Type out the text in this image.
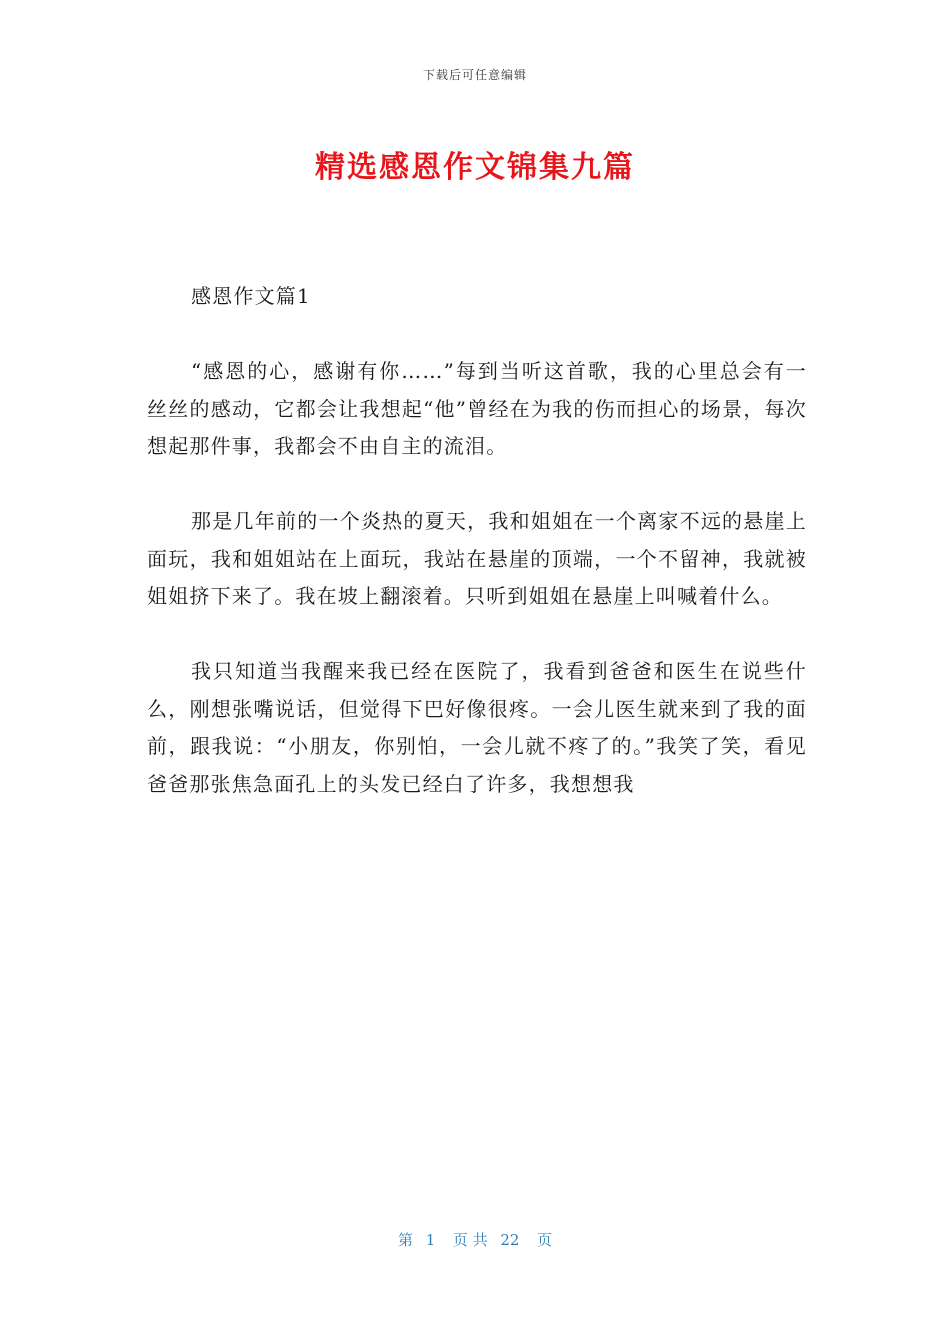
下载后可任意编辑
精选感恩作文锦集九篇

感恩作文篇1

“感恩的心，感谢有你……”每到当听这首歌，我的心里总会有一丝丝的感动，它都会让我想起“他”曾经在为我的伤而担心的场景，每次想起那件事，我都会不由自主的流泪。

那是几年前的一个炎热的夏天，我和姐姐在一个离家不远的悬崖上面玩，我和姐姐站在上面玩，我站在悬崖的顶端，一个不留神，我就被姐姐挤下来了。我在坡上翻滚着。只听到姐姐在悬崖上叫喊着什么。

我只知道当我醒来我已经在医院了，我看到爸爸和医生在说些什么，刚想张嘴说话，但觉得下巴好像很疼。一会儿医生就来到了我的面前，跟我说：“小朋友，你别怕，一会儿就不疼了的。”我笑了笑，看见爸爸那张焦急面孔上的头发已经白了许多，我想想我

第 1 页 共 22 页
